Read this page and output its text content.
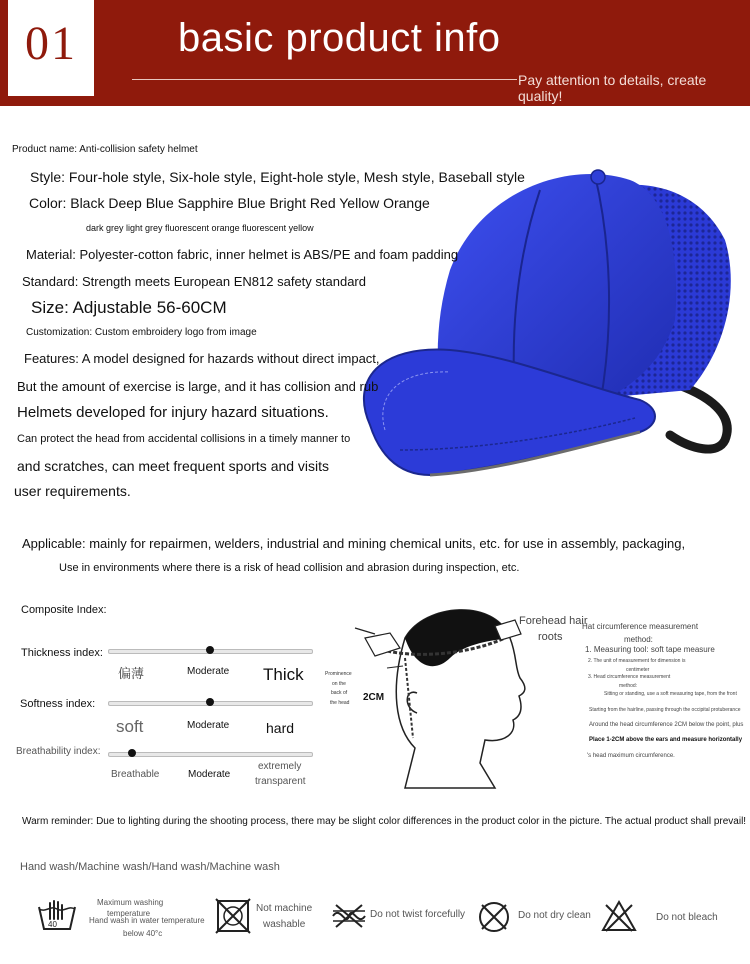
01	basic product info
Pay attention to details, create quality!
Product name: Anti-collision safety helmet
Style: Four-hole style, Six-hole style, Eight-hole style, Mesh style, Baseball style
Color: Black Deep Blue Sapphire Blue Bright Red Yellow Orange
dark grey light grey fluorescent orange fluorescent yellow
Material: Polyester-cotton fabric, inner helmet is ABS/PE and foam padding
Standard: Strength meets European EN812 safety standard
Size: Adjustable 56-60CM
Customization: Custom embroidery logo from image
Features: A model designed for hazards without direct impact,
But the amount of exercise is large, and it has collision and rub
Helmets developed for injury hazard situations.
Can protect the head from accidental collisions in a timely manner to
and scratches, can meet frequent sports and visits
user requirements.
Applicable: mainly for repairmen, welders, industrial and mining chemical units, etc. for use in assembly, packaging,
Use in environments where there is a risk of head collision and abrasion during inspection, etc.
Composite Index:
Thickness index:
偏薄	Moderate Thick
Softness index:
soft	Moderate	hard
Breathability index:
Breathable	Moderate
extremely
transparent
Forehead hair
roots
Prominence
on the
back of
the head 2CM
Hat circumference measurement
method:
1. Measuring tool: soft tape measure
2. The unit of measurement for dimension is
centimeter
3. Head circumference measurement
method:
Sitting or standing, use a soft measuring tape, from the front
Starting from the hairline, passing through the occipital protuberance
Around the head circumference 2CM below the point, plus
Place 1-2CM above the ears and measure horizontally
's head maximum circumference.
Warm reminder: Due to lighting during the shooting process, there may be slight color differences in the product color in the picture. The actual product shall prevail!
Hand wash/Machine wash/Hand wash/Machine wash
40
Maximum washing
temperature
Hand wash in water temperature
below 40°c
Not machine
washable
Do not twist forcefully	Do not dry clean	Do not bleach
